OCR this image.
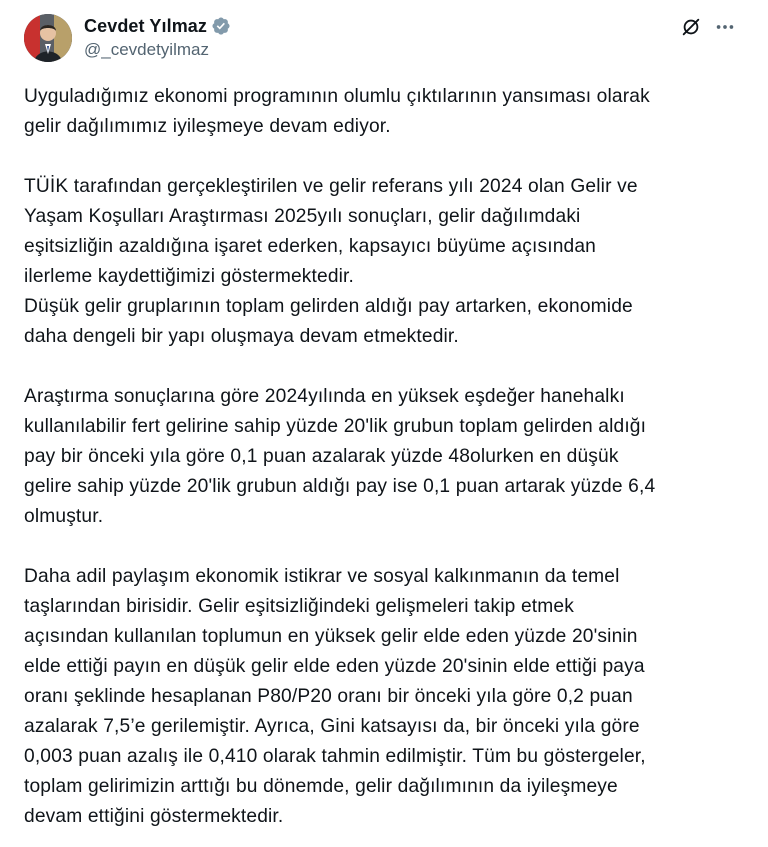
Cevdet Yılmaz
@_cevdetyilmaz

Uyguladığımız ekonomi programının olumlu çıktılarının yansıması olarak
gelir dağılımımız iyileşmeye devam ediyor.

TÜİK tarafından gerçekleştirilen ve gelir referans yılı 2024 olan Gelir ve
Yaşam Koşulları Araştırması 2025yılı sonuçları, gelir dağılımdaki
eşitsizliğin azaldığına işaret ederken, kapsayıcı büyüme açısından
ilerleme kaydettiğimizi göstermektedir.
Düşük gelir gruplarının toplam gelirden aldığı pay artarken, ekonomide
daha dengeli bir yapı oluşmaya devam etmektedir.

Araştırma sonuçlarına göre 2024yılında en yüksek eşdeğer hanehalkı
kullanılabilir fert gelirine sahip yüzde 20'lik grubun toplam gelirden aldığı
pay bir önceki yıla göre 0,1 puan azalarak yüzde 48olurken en düşük
gelire sahip yüzde 20'lik grubun aldığı pay ise 0,1 puan artarak yüzde 6,4
olmuştur.

Daha adil paylaşım ekonomik istikrar ve sosyal kalkınmanın da temel
taşlarından birisidir. Gelir eşitsizliğindeki gelişmeleri takip etmek
açısından kullanılan toplumun en yüksek gelir elde eden yüzde 20'sinin
elde ettiği payın en düşük gelir elde eden yüzde 20'sinin elde ettiği paya
oranı şeklinde hesaplanan P80/P20 oranı bir önceki yıla göre 0,2 puan
azalarak 7,5’e gerilemiştir. Ayrıca, Gini katsayısı da, bir önceki yıla göre
0,003 puan azalış ile 0,410 olarak tahmin edilmiştir. Tüm bu göstergeler,
toplam gelirimizin arttığı bu dönemde, gelir dağılımının da iyileşmeye
devam ettiğini göstermektedir.
